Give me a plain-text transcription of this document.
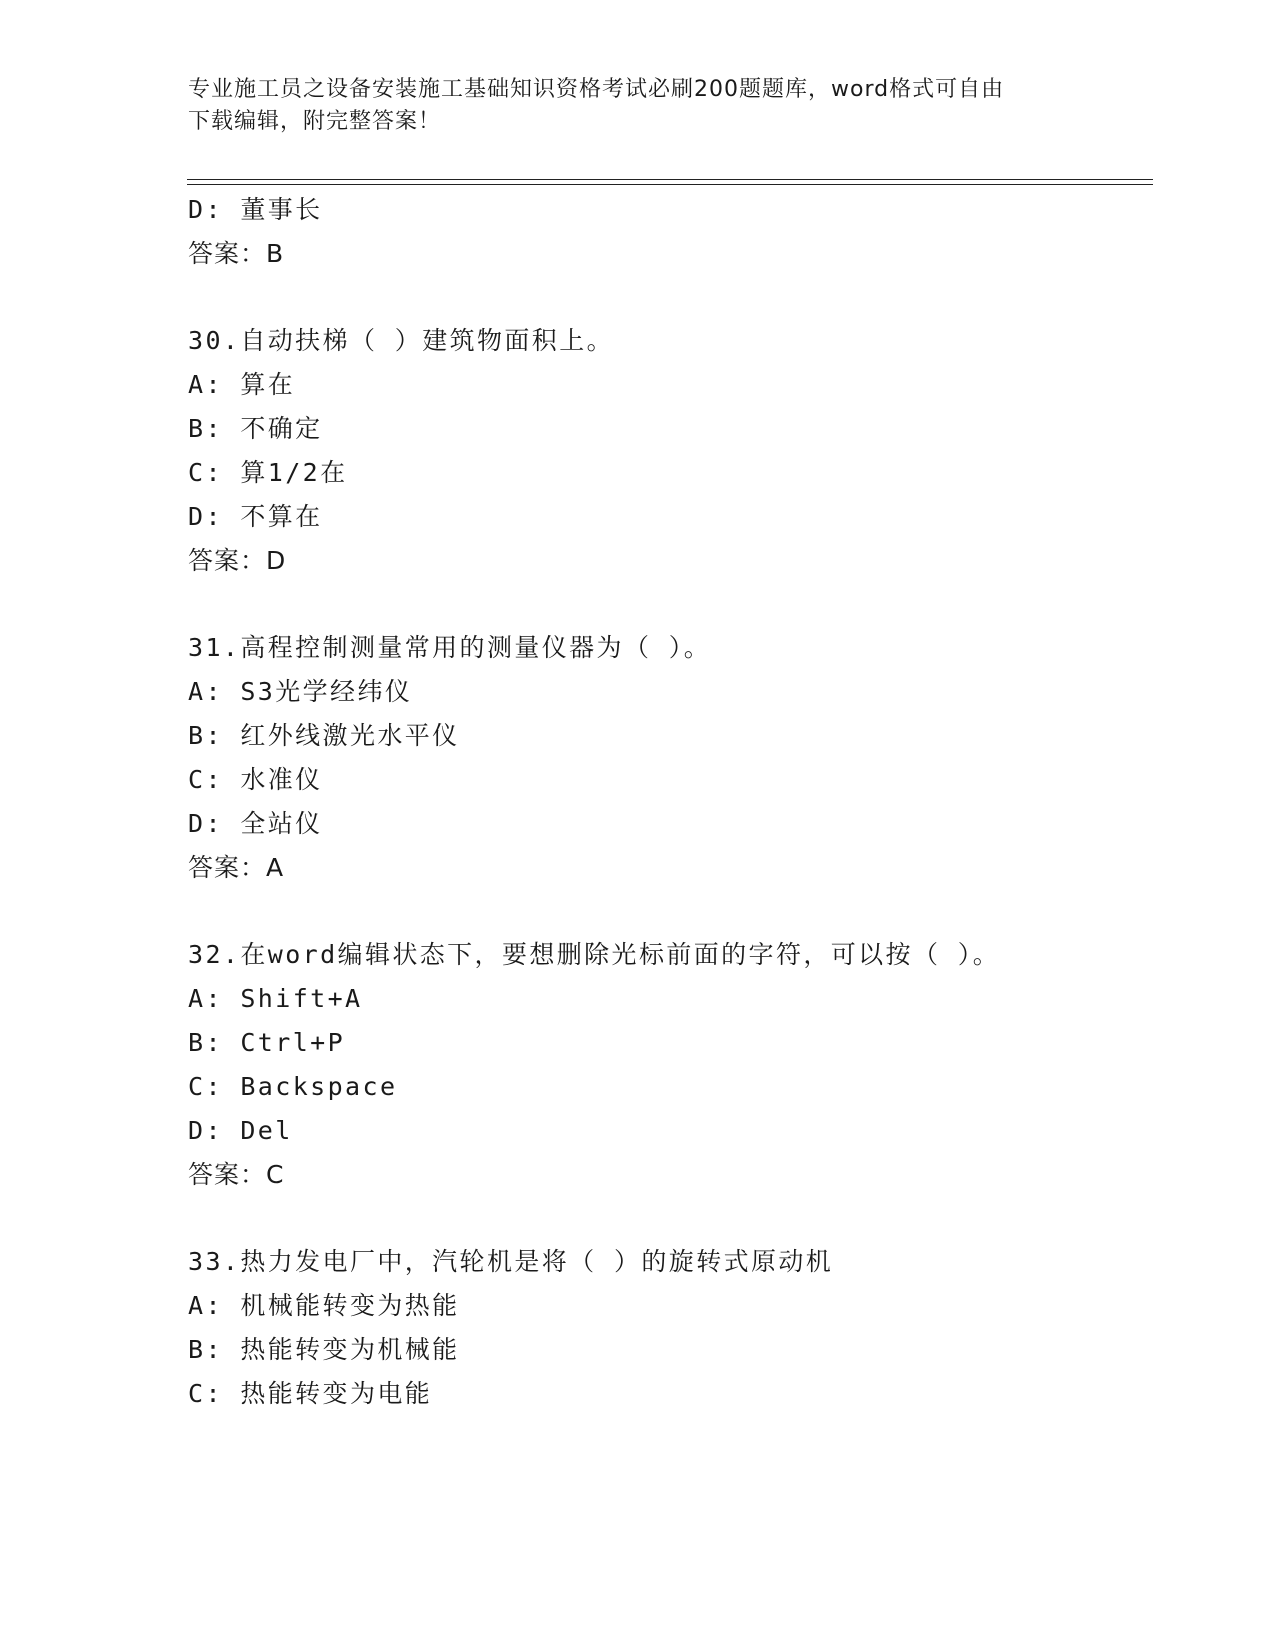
专业施工员之设备安装施工基础知识资格考试必刷200题题库，word格式可自由
下载编辑，附完整答案！
D: 董事长
答案：B
30.自动扶梯（ ）建筑物面积上。
A: 算在
B: 不确定
C: 算1/2在
D: 不算在
答案：D
31.高程控制测量常用的测量仪器为（ ）。
A: S3光学经纬仪
B: 红外线激光水平仪
C: 水准仪
D: 全站仪
答案：A
32.在word编辑状态下，要想删除光标前面的字符，可以按（ ）。
A: Shift+A
B: Ctrl+P
C: Backspace
D: Del
答案：C
33.热力发电厂中，汽轮机是将（ ）的旋转式原动机
A: 机械能转变为热能
B: 热能转变为机械能
C: 热能转变为电能
